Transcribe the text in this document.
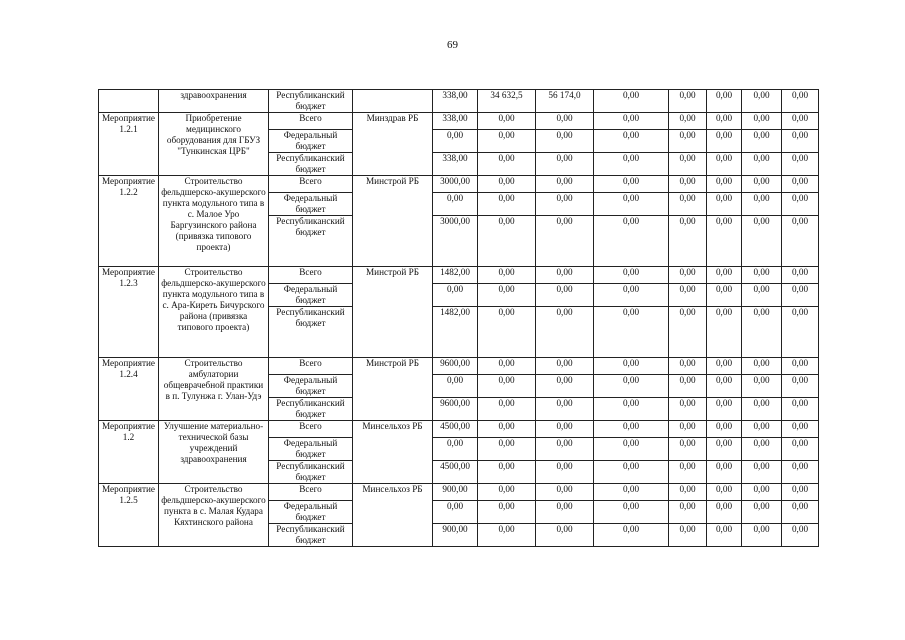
69
	здравоохранения	Республиканский бюджет		338,00	34 632,5	56 174,0	0,00	0,00	0,00	0,00	0,00
Мероприятие 1.2.1	Приобретение медицинского оборудования для ГБУЗ "Тункинская ЦРБ"	Всего	Минздрав РБ	338,00	0,00	0,00	0,00	0,00	0,00	0,00	0,00
		Федеральный бюджет		0,00	0,00	0,00	0,00	0,00	0,00	0,00	0,00
		Республиканский бюджет		338,00	0,00	0,00	0,00	0,00	0,00	0,00	0,00
Мероприятие 1.2.2	Строительство фельдшерско-акушерского пункта модульного типа в с. Малое Уро Баргузинского района (привязка типового проекта)	Всего	Минстрой РБ	3000,00	0,00	0,00	0,00	0,00	0,00	0,00	0,00
		Федеральный бюджет		0,00	0,00	0,00	0,00	0,00	0,00	0,00	0,00
		Республиканский бюджет		3000,00	0,00	0,00	0,00	0,00	0,00	0,00	0,00
Мероприятие 1.2.3	Строительство фельдшерско-акушерского пункта модульного типа в с. Ара-Киреть Бичурского района (привязка типового проекта)	Всего	Минстрой РБ	1482,00	0,00	0,00	0,00	0,00	0,00	0,00	0,00
		Федеральный бюджет		0,00	0,00	0,00	0,00	0,00	0,00	0,00	0,00
		Республиканский бюджет		1482,00	0,00	0,00	0,00	0,00	0,00	0,00	0,00
Мероприятие 1.2.4	Строительство амбулатории общеврачебной практики в п. Тулунжа г. Улан-Удэ	Всего	Минстрой РБ	9600,00	0,00	0,00	0,00	0,00	0,00	0,00	0,00
		Федеральный бюджет		0,00	0,00	0,00	0,00	0,00	0,00	0,00	0,00
		Республиканский бюджет		9600,00	0,00	0,00	0,00	0,00	0,00	0,00	0,00
Мероприятие 1.2	Улучшение материально-технической базы учреждений здравоохранения	Всего	Минсельхоз РБ	4500,00	0,00	0,00	0,00	0,00	0,00	0,00	0,00
		Федеральный бюджет		0,00	0,00	0,00	0,00	0,00	0,00	0,00	0,00
		Республиканский бюджет		4500,00	0,00	0,00	0,00	0,00	0,00	0,00	0,00
Мероприятие 1.2.5	Строительство фельдшерско-акушерского пункта в с. Малая Кудара Кяхтинского района	Всего	Минсельхоз РБ	900,00	0,00	0,00	0,00	0,00	0,00	0,00	0,00
		Федеральный бюджет		0,00	0,00	0,00	0,00	0,00	0,00	0,00	0,00
		Республиканский бюджет		900,00	0,00	0,00	0,00	0,00	0,00	0,00	0,00
